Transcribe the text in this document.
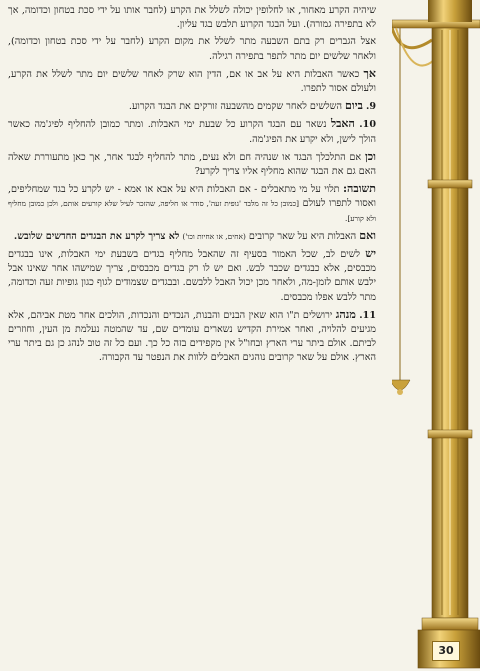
שיהיה הקרע מאחור, או לחלופין יכולה לשלל את הקרע (לחבר אותו על ידי סכת בטחון וכדומה, אך לא בתפירה גמורה). ועל הבגד הקרוע תלבש בגד עליון.

אצל הגברים רק בתם השבעה מתר לשלל את מקום הקרע (לחבר על ידי סכת בטחון וכדומה), ולאחר שלשים יום מתר לתפר בתפירה רגילה.

אך כאשר האבלות היא על אב או אם, הדין הוא שרק לאחר שלשים יום מתר לשלל את הקרע, ולעולם אסור לתפרו.

9. ביום השלשים לאחר שקמים מהשבעה זורקים את הבגד הקרוע.

10. האבל נשאר עם הבגד הקרוע כל שבעת ימי האבלות. ומתר כמובן להחליף לפיג'מה כאשר הולך לישן, ולא יקרע את הפיג'מה.

וכן אם התלכלך הבגד או שנהיה חם ולא נעים, מתר להחליף לבגד אחר, אך כאן מתעוררת שאלה האם גם את הבגד שהוא מחליף אליו צריך לקרע?

תשובה: תלוי על מי מתאבלים - אם האבלות היא על אבא או אמא - יש לקרע כל בגד שמחליפים, ואסור לתפרו לעולם [כמובן כל זה מלבד 'גופית זעה', סודר או חליפה, שהזכר לעיל שלא קורעים אותם, ולכן כמובן מחליף ולא קורע].

ואם האבלות היא על שאר קרובים (אחים, או אחיות וכו') לא צריך לקרע את הבגדים החדשים שלובש.

יש לשים לב, שכל האמור בסעיף זה שהאבל מחליף בגדים בשבעת ימי האבלות, אינו בבגדים מכבסים, אלא כבגדים שכבר לבש. ואם יש לו רק בגדים מכבסים, צריך שמישהו אחר שאינו אבל ילבש אותם לזמן-מה, ולאחר מכן יכול האבל ללבשם. ובבגדים שצמודים לגוף כגון גופיות זעה וכדומה, מתר ללבש אפלו מכבסים.

11. מנהג ירושלים ת"ו הוא שאין הבנים והבנות, הנכדים והנכדות, הולכים אחר מטת אביהם, אלא מגיעים להלויה, ואחר אמירת הקדיש נשארים עומדים שם, עד שהמטה נעלמת מן העין, וחוזרים לביתם. אולם ביתר ערי הארץ ובחו"ל אין מקפידים בזה כל כך. ועם כל זה טוב לנהג כן גם ביתר ערי הארץ. אולם על שאר קרובים נוהגים האבלים ללוות את הנפטר עד הקבורה.

30
